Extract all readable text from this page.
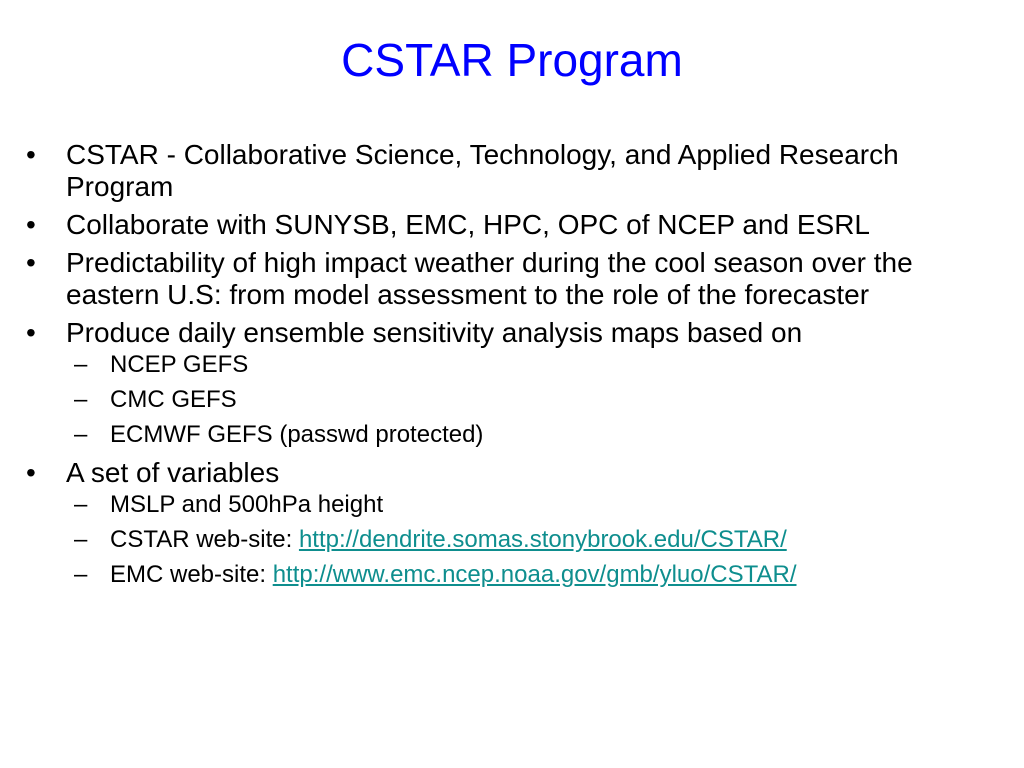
CSTAR Program
•	CSTAR - Collaborative Science, Technology, and Applied Research Program
•	Collaborate with SUNYSB, EMC, HPC, OPC of NCEP and ESRL
•	Predictability of high impact weather during the cool season over the eastern U.S: from model assessment to the role of the forecaster
•	Produce daily ensemble sensitivity analysis maps based on
– NCEP GEFS
– CMC GEFS
– ECMWF GEFS (passwd protected)
•	A set of variables
– MSLP and 500hPa height
– CSTAR web-site: http://dendrite.somas.stonybrook.edu/CSTAR/
– EMC web-site: http://www.emc.ncep.noaa.gov/gmb/yluo/CSTAR/
